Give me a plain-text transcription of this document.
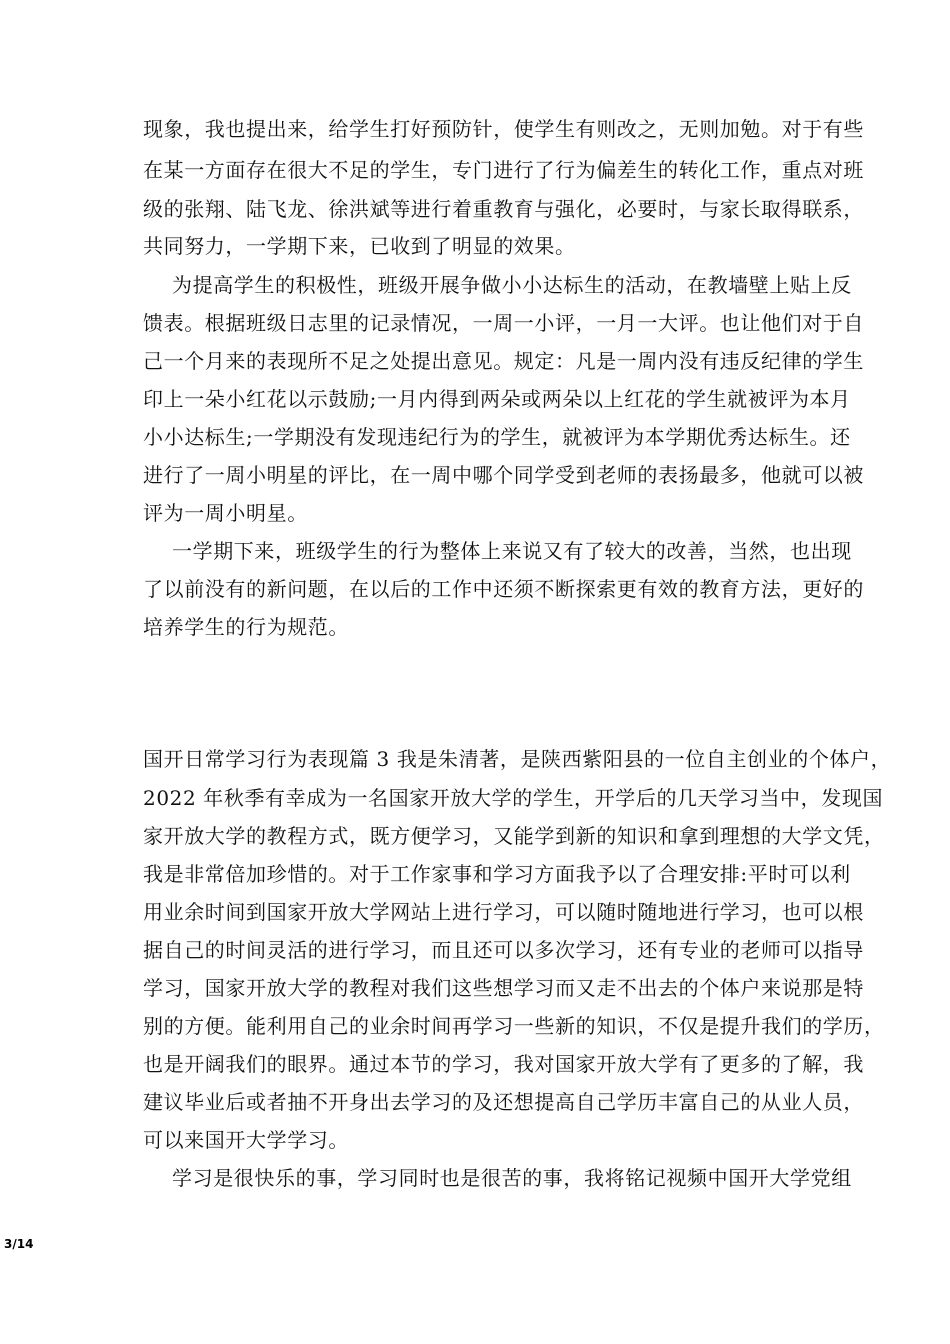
现象，我也提出来，给学生打好预防针，使学生有则改之，无则加勉。对于有些
在某一方面存在很大不足的学生，专门进行了行为偏差生的转化工作，重点对班
级的张翔、陆飞龙、徐洪斌等进行着重教育与强化，必要时，与家长取得联系，
共同努力，一学期下来，已收到了明显的效果。
为提高学生的积极性，班级开展争做小小达标生的活动，在教墙壁上贴上反
馈表。根据班级日志里的记录情况，一周一小评，一月一大评。也让他们对于自
己一个月来的表现所不足之处提出意见。规定：凡是一周内没有违反纪律的学生
印上一朵小红花以示鼓励;一月内得到两朵或两朵以上红花的学生就被评为本月
小小达标生;一学期没有发现违纪行为的学生，就被评为本学期优秀达标生。还
进行了一周小明星的评比，在一周中哪个同学受到老师的表扬最多，他就可以被
评为一周小明星。
一学期下来，班级学生的行为整体上来说又有了较大的改善，当然，也出现
了以前没有的新问题，在以后的工作中还须不断探索更有效的教育方法，更好的
培养学生的行为规范。
国开日常学习行为表现篇 3 我是朱清著，是陕西紫阳县的一位自主创业的个体户，
2022 年秋季有幸成为一名国家开放大学的学生，开学后的几天学习当中，发现国
家开放大学的教程方式，既方便学习，又能学到新的知识和拿到理想的大学文凭，
我是非常倍加珍惜的。对于工作家事和学习方面我予以了合理安排:平时可以利
用业余时间到国家开放大学网站上进行学习，可以随时随地进行学习，也可以根
据自己的时间灵活的进行学习，而且还可以多次学习，还有专业的老师可以指导
学习，国家开放大学的教程对我们这些想学习而又走不出去的个体户来说那是特
别的方便。能利用自己的业余时间再学习一些新的知识，不仅是提升我们的学历，
也是开阔我们的眼界。通过本节的学习，我对国家开放大学有了更多的了解，我
建议毕业后或者抽不开身出去学习的及还想提高自己学历丰富自己的从业人员，
可以来国开大学学习。
学习是很快乐的事，学习同时也是很苦的事，我将铭记视频中国开大学党组
3/14
